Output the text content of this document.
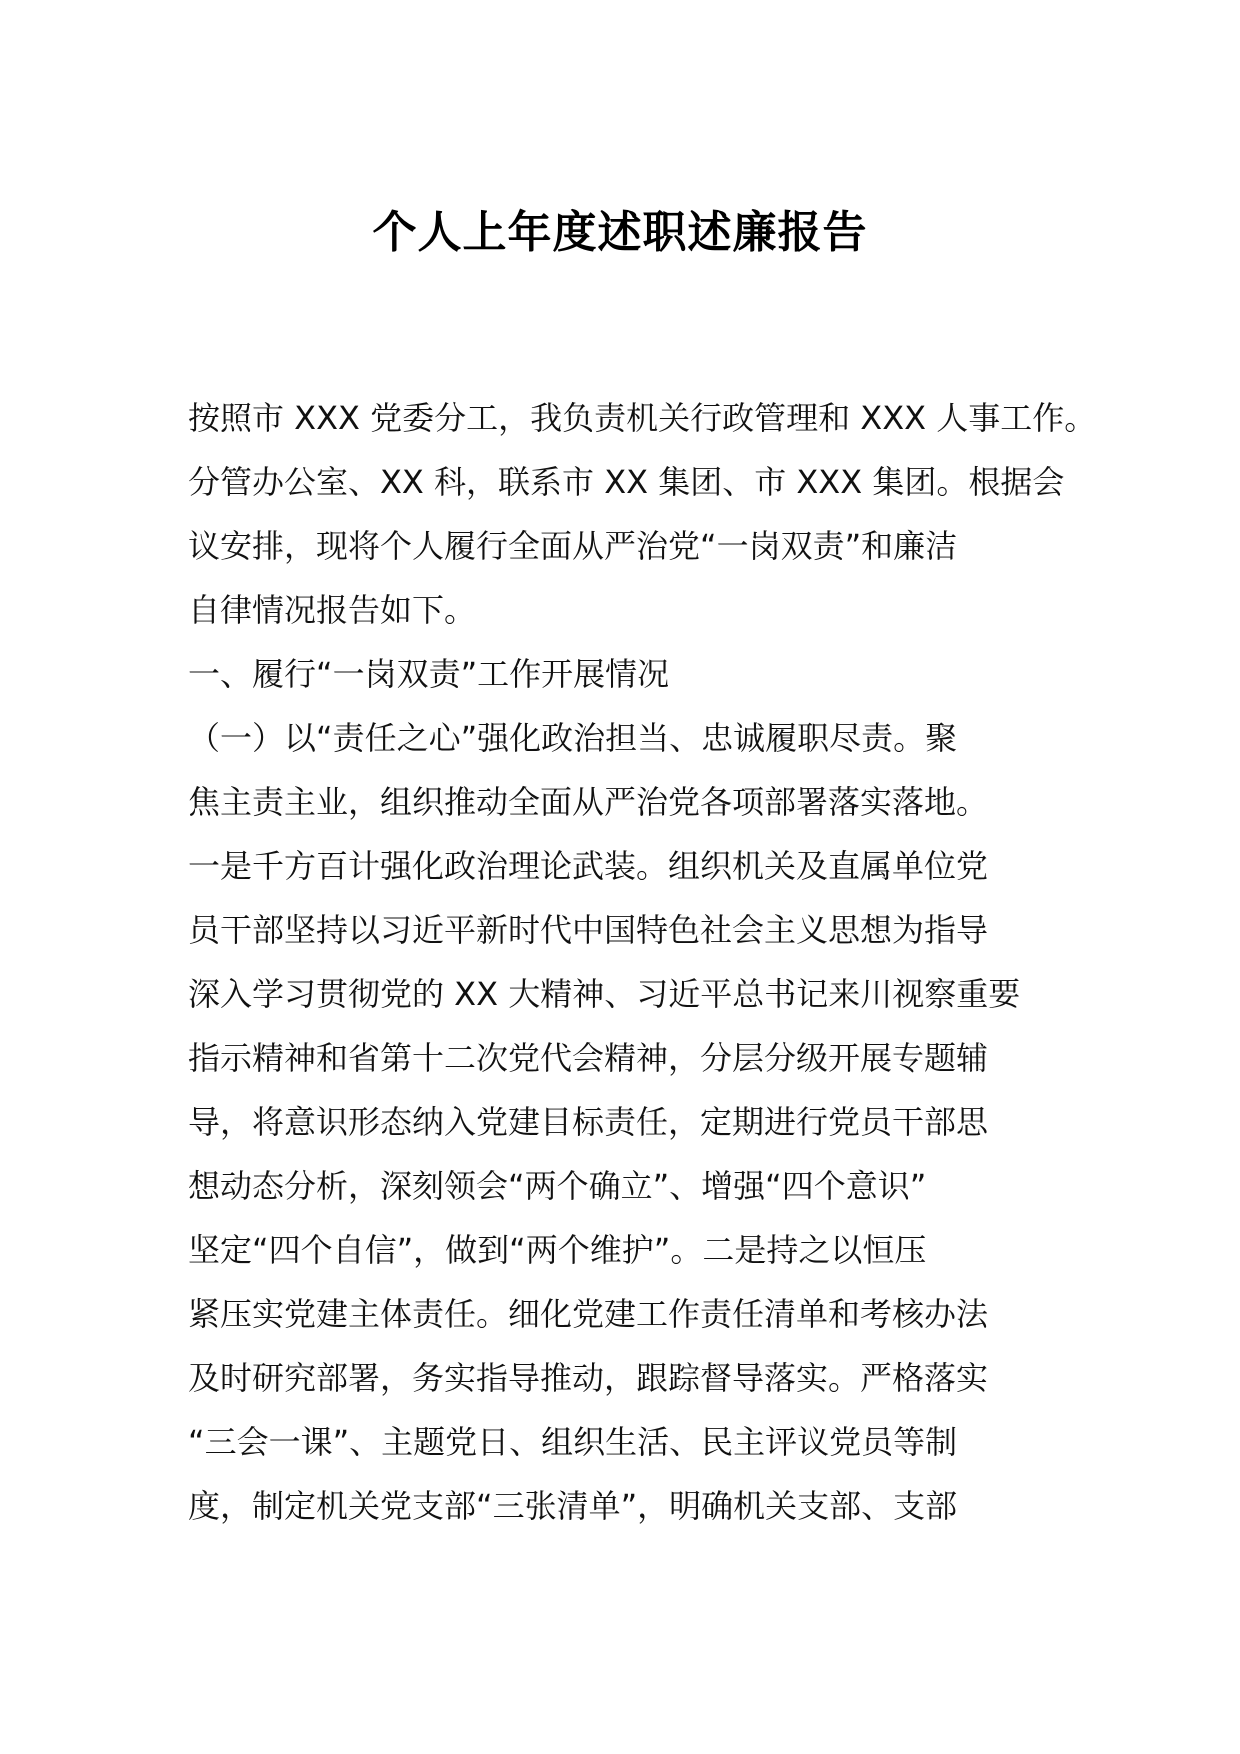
个人上年度述职述廉报告
按照市 XXX 党委分工，我负责机关行政管理和 XXX 人事工作。
分管办公室、XX 科，联系市 XX 集团、市 XXX 集团。根据会
议安排，现将个人履行全面从严治党“一岗双责”和廉洁
自律情况报告如下。
一、履行“一岗双责”工作开展情况
（一）以“责任之心”强化政治担当、忠诚履职尽责。聚
焦主责主业，组织推动全面从严治党各项部署落实落地。
一是千方百计强化政治理论武装。组织机关及直属单位党
员干部坚持以习近平新时代中国特色社会主义思想为指导
深入学习贯彻党的 XX 大精神、习近平总书记来川视察重要
指示精神和省第十二次党代会精神，分层分级开展专题辅
导，将意识形态纳入党建目标责任，定期进行党员干部思
想动态分析，深刻领会“两个确立”、增强“四个意识”
坚定“四个自信”，做到“两个维护”。二是持之以恒压
紧压实党建主体责任。细化党建工作责任清单和考核办法
及时研究部署，务实指导推动，跟踪督导落实。严格落实
“三会一课”、主题党日、组织生活、民主评议党员等制
度，制定机关党支部“三张清单”，明确机关支部、支部
